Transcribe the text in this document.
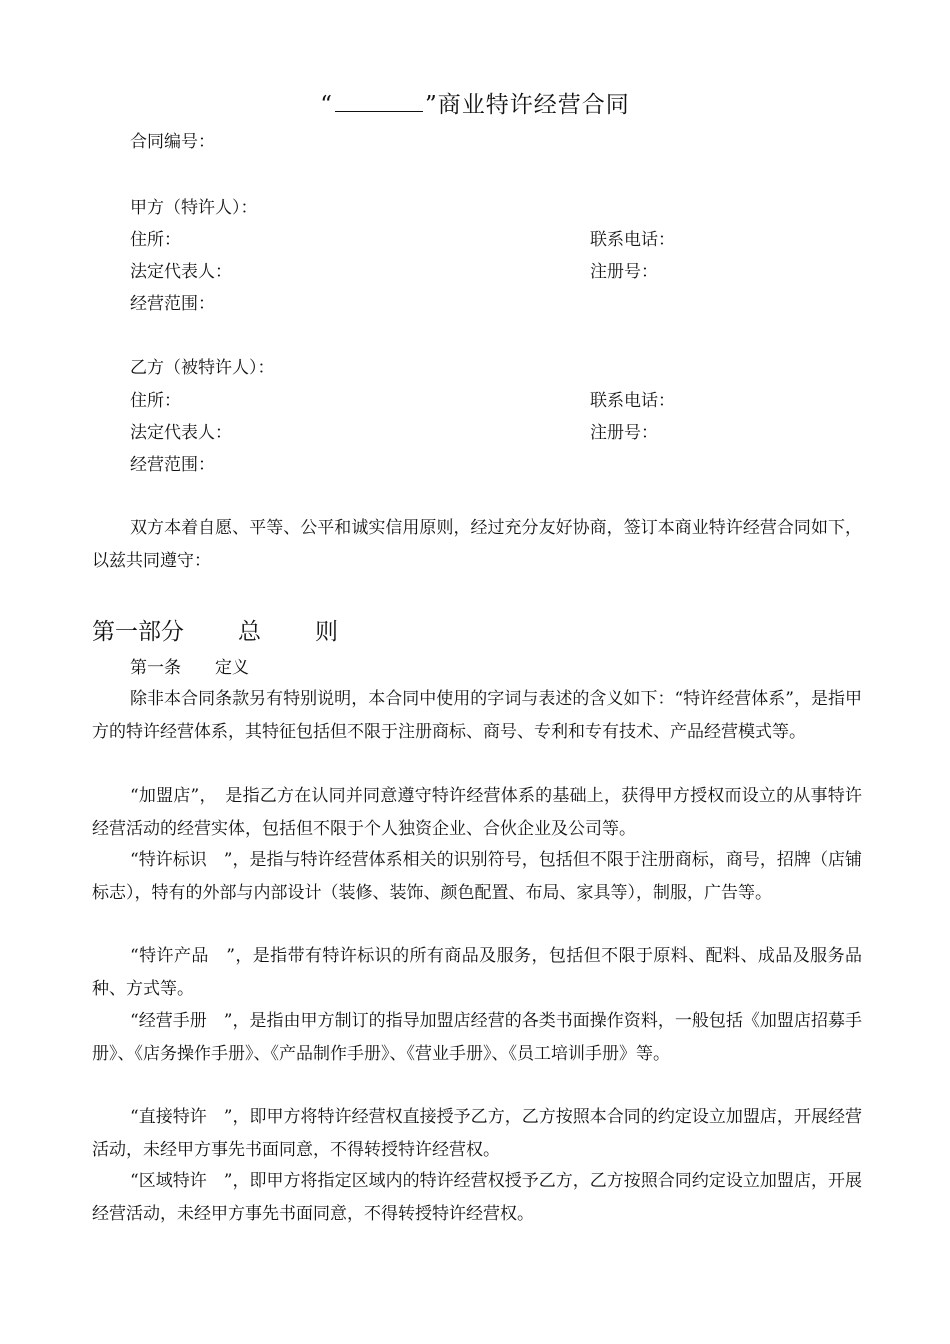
“	”商业特许经营合同
合同编号：
甲方（特许人）：
住所：	联系电话：
法定代表人：	注册号：
经营范围：
乙方（被特许人）：
住所：	联系电话：
法定代表人：	注册号：
经营范围：
双方本着自愿、平等、公平和诚实信用原则，经过充分友好协商，签订本商业特许经营合同如下，以兹共同遵守：
第一部分 总 则
第一条 定义
除非本合同条款另有特别说明，本合同中使用的字词与表述的含义如下：“特许经营体系”，是指甲方的特许经营体系，其特征包括但不限于注册商标、商号、专利和专有技术、产品经营模式等。
“加盟店”，　是指乙方在认同并同意遵守特许经营体系的基础上，获得甲方授权而设立的从事特许经营活动的经营实体，包括但不限于个人独资企业、合伙企业及公司等。
“特许标识　”，是指与特许经营体系相关的识别符号，包括但不限于注册商标，商号，招牌（店铺标志），特有的外部与内部设计（装修、装饰、颜色配置、布局、家具等），制服，广告等。
“特许产品　”，是指带有特许标识的所有商品及服务，包括但不限于原料、配料、成品及服务品种、方式等。
“经营手册　”，是指由甲方制订的指导加盟店经营的各类书面操作资料，一般包括《加盟店招募手册》、《店务操作手册》、《产品制作手册》、《营业手册》、《员工培训手册》等。
“直接特许　”，即甲方将特许经营权直接授予乙方，乙方按照本合同的约定设立加盟店，开展经营活动，未经甲方事先书面同意，不得转授特许经营权。
“区域特许　”，即甲方将指定区域内的特许经营权授予乙方，乙方按照合同约定设立加盟店，开展经营活动，未经甲方事先书面同意，不得转授特许经营权。
